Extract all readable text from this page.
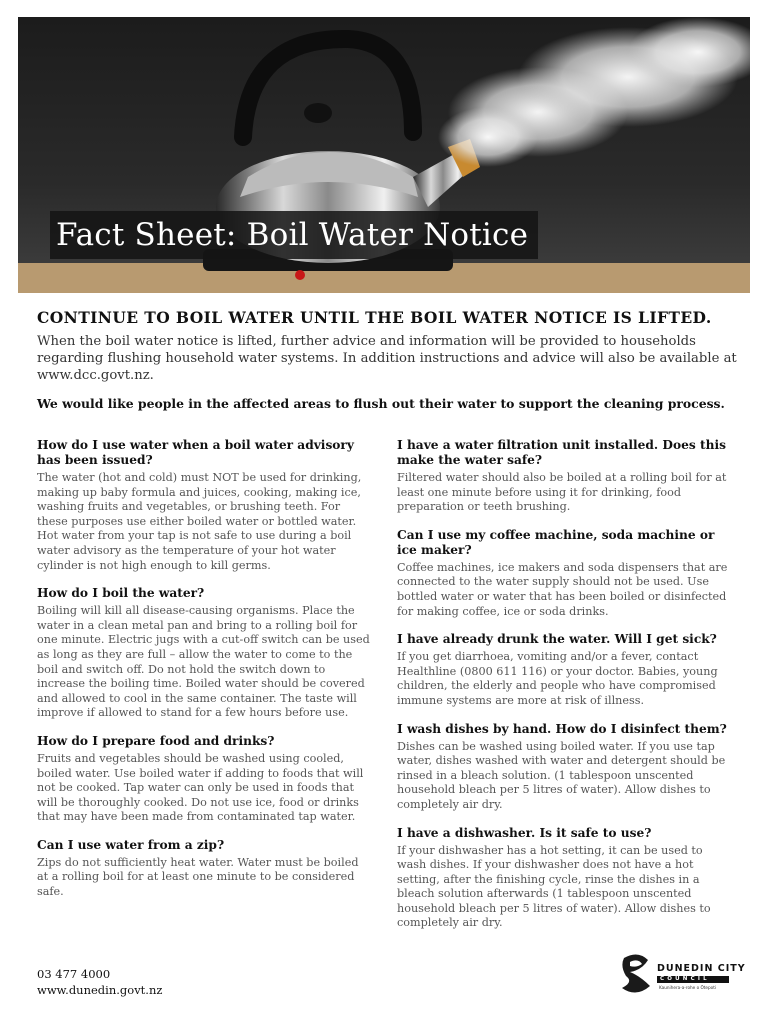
Fact Sheet: Boil Water Notice
CONTINUE TO BOIL WATER UNTIL THE BOIL WATER NOTICE IS LIFTED.

When the boil water notice is lifted, further advice and information will be provided to households regarding flushing household water systems. In addition instructions and advice will also be available at www.dcc.govt.nz.

We would like people in the affected areas to flush out their water to support the cleaning process.

How do I use water when a boil water advisory has been issued?

The water (hot and cold) must NOT be used for drinking, making up baby formula and juices, cooking, making ice, washing fruits and vegetables, or brushing teeth. For these purposes use either boiled water or bottled water. Hot water from your tap is not safe to use during a boil water advisory as the temperature of your hot water cylinder is not high enough to kill germs.

How do I boil the water?

Boiling will kill all disease-causing organisms. Place the water in a clean metal pan and bring to a rolling boil for one minute. Electric jugs with a cut-off switch can be used as long as they are full – allow the water to come to the boil and switch off. Do not hold the switch down to increase the boiling time. Boiled water should be covered and allowed to cool in the same container. The taste will improve if allowed to stand for a few hours before use.

How do I prepare food and drinks?

Fruits and vegetables should be washed using cooled, boiled water. Use boiled water if adding to foods that will not be cooked. Tap water can only be used in foods that will be thoroughly cooked. Do not use ice, food or drinks that may have been made from contaminated tap water.

Can I use water from a zip?

Zips do not sufficiently heat water. Water must be boiled at a rolling boil for at least one minute to be considered safe.

I have a water filtration unit installed. Does this make the water safe?

Filtered water should also be boiled at a rolling boil for at least one minute before using it for drinking, food preparation or teeth brushing.

Can I use my coffee machine, soda machine or ice maker?

Coffee machines, ice makers and soda dispensers that are connected to the water supply should not be used. Use bottled water or water that has been boiled or disinfected for making coffee, ice or soda drinks.

I have already drunk the water. Will I get sick?

If you get diarrhoea, vomiting and/or a fever, contact Healthline (0800 611 116) or your doctor. Babies, young children, the elderly and people who have compromised immune systems are more at risk of illness.

I wash dishes by hand. How do I disinfect them?

Dishes can be washed using boiled water. If you use tap water, dishes washed with water and detergent should be rinsed in a bleach solution. (1 tablespoon unscented household bleach per 5 litres of water). Allow dishes to completely air dry.

I have a dishwasher. Is it safe to use?

If your dishwasher has a hot setting, it can be used to wash dishes. If your dishwasher does not have a hot setting, after the finishing cycle, rinse the dishes in a bleach solution afterwards (1 tablespoon unscented household bleach per 5 litres of water). Allow dishes to completely air dry.

03 477 4000
www.dunedin.govt.nz
DUNEDIN CITY
COUNCIL
Kaunihera-a-rohe o Ōtepoti
